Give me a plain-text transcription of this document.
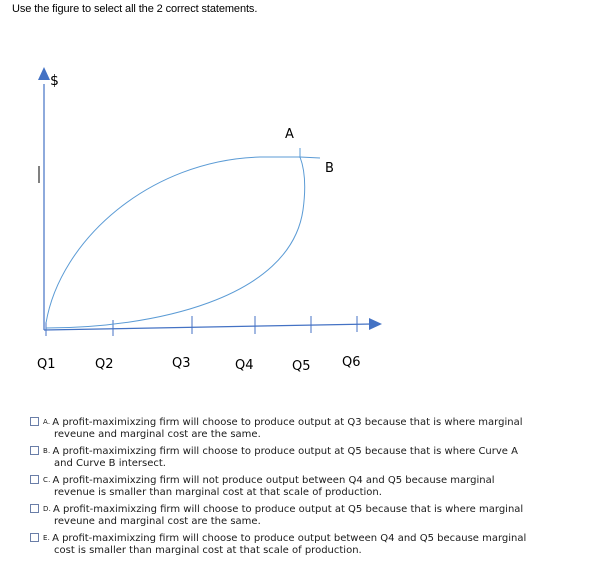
Use the figure to select all the 2 correct statements.
$
A
B
Q1	Q2	Q3	Q4	Q5 Q6
A. A profit-maximixzing firm will choose to produce output at Q3 because that is where marginal
reveune and marginal cost are the same.
B. A profit-maximixzing firm will choose to produce output at Q5 because that is where Curve A
and Curve B intersect.
C. A profit-maximixzing firm will not produce output between Q4 and Q5 because marginal
revenue is smaller than marginal cost at that scale of production.
D. A profit-maximixzing firm will choose to produce output at Q5 because that is where marginal
reveune and marginal cost are the same.
E. A profit-maximixzing firm will choose to produce output between Q4 and Q5 because marginal
cost is smaller than marginal cost at that scale of production.
